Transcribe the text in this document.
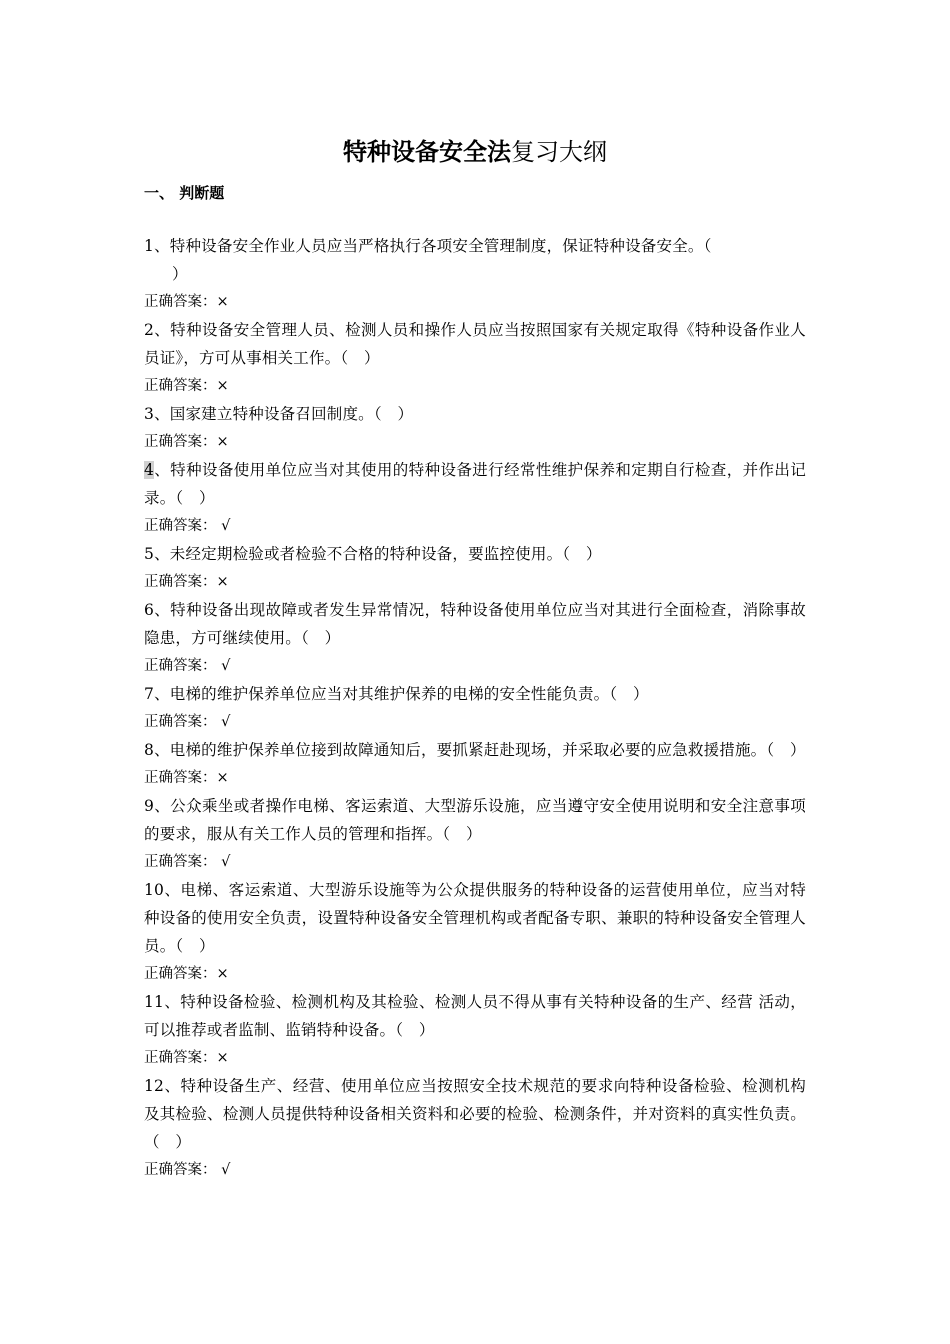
特种设备安全法复习大纲
一、 判断题
1、特种设备安全作业人员应当严格执行各项安全管理制度，保证特种设备安全。（
）
正确答案：×
2、特种设备安全管理人员、检测人员和操作人员应当按照国家有关规定取得《特种设备作业人员证》，方可从事相关工作。（　）
正确答案：×
3、国家建立特种设备召回制度。（　）
正确答案：×
4、特种设备使用单位应当对其使用的特种设备进行经常性维护保养和定期自行检查，并作出记录。（　）
正确答案： √
5、未经定期检验或者检验不合格的特种设备，要监控使用。（　）
正确答案：×
6、特种设备出现故障或者发生异常情况，特种设备使用单位应当对其进行全面检查，消除事故隐患，方可继续使用。（　）
正确答案： √
7、电梯的维护保养单位应当对其维护保养的电梯的安全性能负责。（　）
正确答案： √
8、电梯的维护保养单位接到故障通知后，要抓紧赶赴现场，并采取必要的应急救援措施。（　）
正确答案：×
9、公众乘坐或者操作电梯、客运索道、大型游乐设施，应当遵守安全使用说明和安全注意事项的要求，服从有关工作人员的管理和指挥。（　）
正确答案： √
10、电梯、客运索道、大型游乐设施等为公众提供服务的特种设备的运营使用单位，应当对特种设备的使用安全负责，设置特种设备安全管理机构或者配备专职、兼职的特种设备安全管理人员。（　）
正确答案：×
11、特种设备检验、检测机构及其检验、检测人员不得从事有关特种设备的生产、经营 活动，可以推荐或者监制、监销特种设备。（　）
正确答案：×
12、特种设备生产、经营、使用单位应当按照安全技术规范的要求向特种设备检验、检测机构及其检验、检测人员提供特种设备相关资料和必要的检验、检测条件，并对资料的真实性负责。（　）
正确答案： √
